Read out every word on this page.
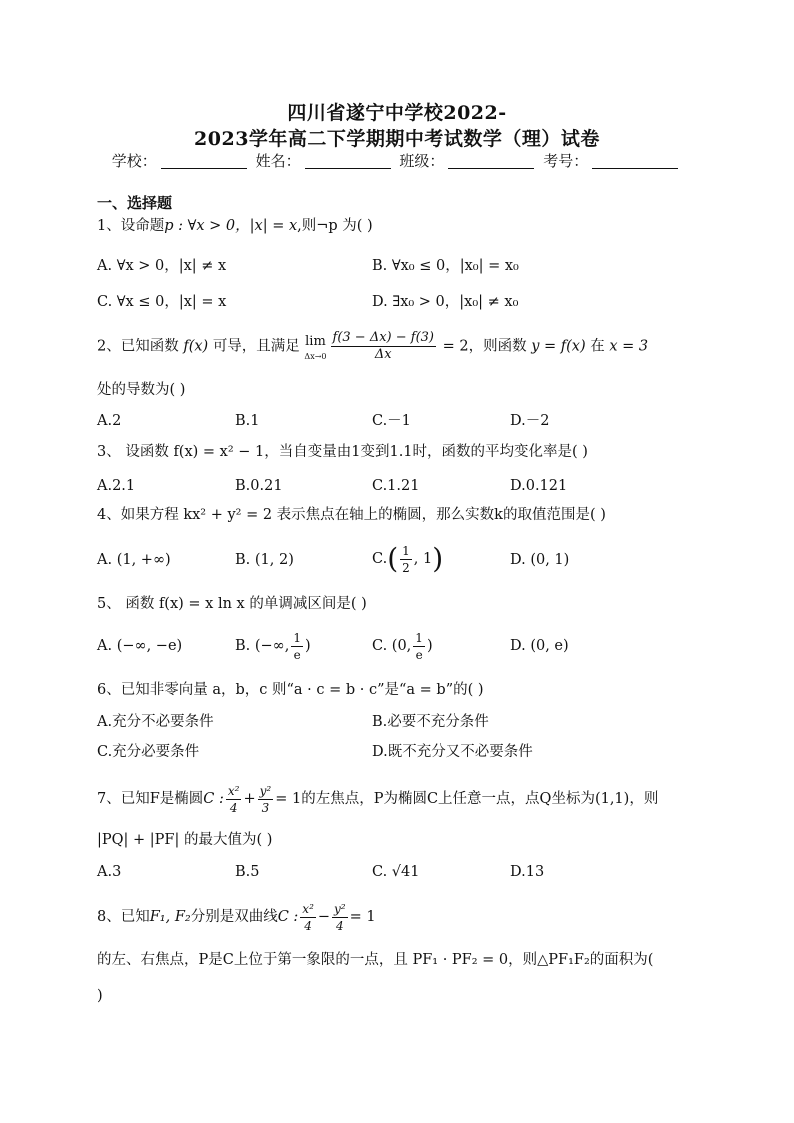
四川省遂宁中学校2022-
2023学年高二下学期期中考试数学（理）试卷
学校：	姓名：	班级：	考号：
一、选择题
1、设命题p : ∀x > 0，|x| = x,则¬p 为( )
A. ∀x > 0，|x| ≠ x	B. ∀x₀ ≤ 0，|x₀| = x₀
C. ∀x ≤ 0，|x| = x	D. ∃x₀ > 0，|x₀| ≠ x₀
2、已知函数 f(x) 可导，且满足 lim
$\Delta x\to 0 \frac{f(3 - \Delta x) - f(3)}{\Delta x} = 2$，则函数 y = f(x) 在 x = 3
处的导数为( )
A.2	B.1	C.－1	D.－2
3、 设函数 f(x) = x² − 1，当自变量由1变到1.1时，函数的平均变化率是( )
A.2.1	B.0.21	C.1.21	D.0.121
4、如果方程 kx² + y² = 2 表示焦点在轴上的椭圆，那么实数k的取值范围是( )
A. (1, +∞)	B. (1, 2)	$C.( \frac{1}{2}$ , 1)	D. (0, 1)
5、 函数 f(x) = x ln x 的单调减区间是( )
A. (−∞, −e)	B. (−∞, $\frac{1}{e}$ )	C. (0, $\frac{1}{e}$ )	D. (0, e)
6、已知非零向量 a，b，c 则“a · c = b · c”是“a = b”的( )
A.充分不必要条件	B.必要不充分条件
C.充分必要条件	D.既不充分又不必要条件
7、已知F是椭圆C : $\frac{\text{x²}}{4} + \frac{\text{y²}}{3} = 1$的左焦点，P为椭圆C上任意一点，点Q坐标为(1,1)，则
|PQ| + |PF| 的最大值为( )
A.3	B.5	C. √41	D.13
8、已知F₁, F₂分别是双曲线C : $\frac{\text{x²}}{4} - \frac{\text{y²}}{4} = 1$
的左、右焦点，P是C上位于第一象限的一点，且 PF₁ · PF₂ = 0，则△PF₁F₂的面积为(
)
